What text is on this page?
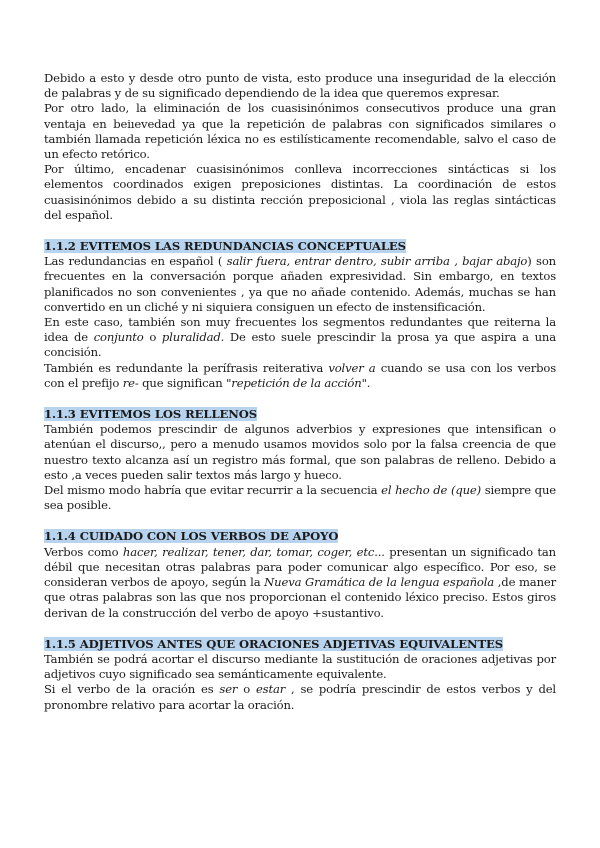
Debido a esto y desde otro punto de vista, esto produce una inseguridad de la elección de palabras y de su significado dependiendo de la idea que queremos expresar.

Por otro lado, la eliminación de los cuasisinónimos consecutivos produce una gran ventaja en beiıevedad ya que la repetición de palabras con significados similares o también llamada repetición léxica no es estilísticamente recomendable, salvo el caso de un efecto retórico.

Por último, encadenar cuasisinónimos conlleva incorrecciones sintácticas si los elementos coordinados exigen preposiciones distintas. La coordinación de estos cuasisinónimos debido a su distinta recciόn preposicional , viola las reglas sintácticas del español.

1.1.2 EVITEMOS LAS REDUNDANCIAS CONCEPTUALES

Las redundancias en español ( salir fuera, entrar dentro, subir arriba , bajar abajo) son frecuentes en la conversación porque añaden expresividad. Sin embargo, en textos planificados no son convenientes , ya que no añade contenido. Además, muchas se han convertido en un cliché y ni siquiera consiguen un efecto de instensificación.

En este caso, también son muy frecuentes los segmentos redundantes que reiterna la idea de conjunto o pluralidad. De esto suele prescindir la prosa ya que aspira a una concisión.

También es redundante la perífrasis reiterativa volver a cuando se usa con los verbos con el prefijo re- que significan "repetición de la acción".

1.1.3 EVITEMOS LOS RELLENOS

También podemos prescindir de algunos adverbios y expresiones que intensifican o atenúan el discurso,, pero a menudo usamos movidos solo por la falsa creencia de que nuestro texto alcanza así un registro más formal, que son palabras de relleno. Debido a esto ,a veces pueden salir textos más largo y hueco.

Del mismo modo habría que evitar recurrir a la secuencia el hecho de (que) siempre que sea posible.

1.1.4 CUIDADO CON LOS VERBOS DE APOYO

Verbos como hacer, realizar, tener, dar, tomar, coger, etc... presentan un significado tan débil que necesitan otras palabras para poder comunicar algo específico. Por eso, se consideran verbos de apoyo, según la Nueva Gramática de la lengua española ,de maner que otras palabras son las que nos proporcionan el contenido léxico preciso. Estos giros derivan de la construcción del verbo de apoyo +sustantivo.

1.1.5 ADJETIVOS ANTES QUE ORACIONES ADJETIVAS EQUIVALENTES

También se podrá acortar el discurso mediante la sustitución de oraciones adjetivas por adjetivos cuyo significado sea semánticamente equivalente.

Si el verbo de la oración es ser o estar , se podría prescindir de estos verbos y del pronombre relativo para acortar la oración.
